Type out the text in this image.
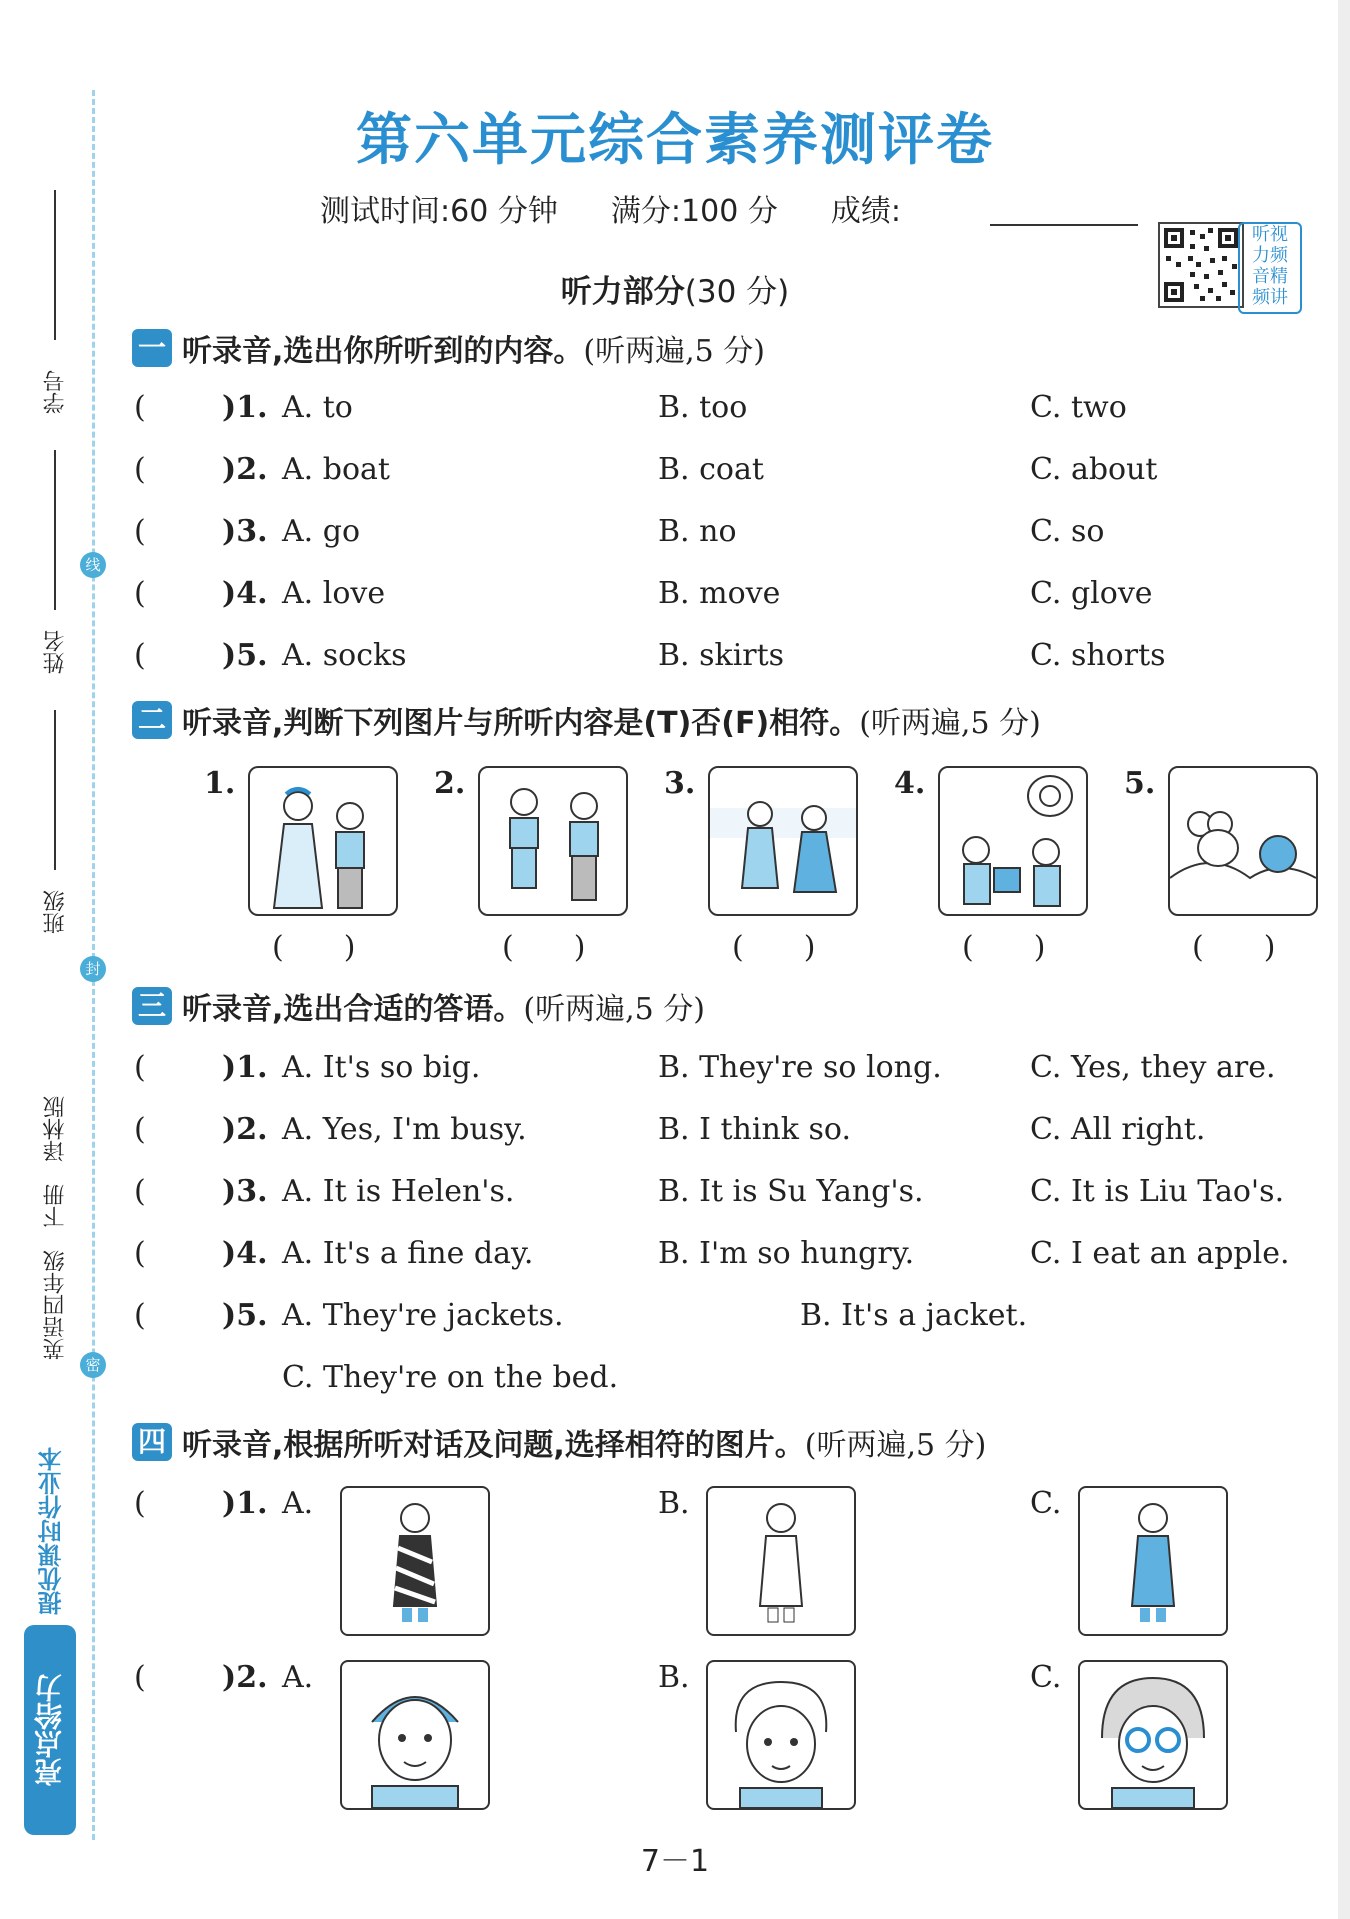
学号
姓名
班级
英语四年级　下册　译林版
线
封
密
亮点给力
提优课时作业本
第六单元综合素养测评卷
测试时间:60 分钟 满分:100 分 成绩:
听视
力频
音精
频讲
听力部分(30 分)
一 听录音,选出你所听到的内容。 (听两遍,5 分)
(	)1. A. to	B. too	C. two
(	)2. A. boat	B. coat	C. about
(	)3. A. go	B. no	C. so
(	)4. A. love	B. move	C. glove
(	)5. A. socks	B. skirts	C. shorts
二 听录音,判断下列图片与所听内容是(T)否(F)相符。 (听两遍,5 分)
1.
(　　)
2.
(　　)
3.
(　　)
4.
(　　)
5.
(　　)
三 听录音,选出合适的答语。 (听两遍,5 分)
(	)1. A. It's so big.	B. They're so long.	C. Yes, they are.
(	)2. A. Yes, I'm busy.	B. I think so.	C. All right.
(	)3. A. It is Helen's.	B. It is Su Yang's.	C. It is Liu Tao's.
(	)4. A. It's a fine day.	B. I'm so hungry.	C. I eat an apple.
(	)5. A. They're jackets.	B. It's a jacket.
C. They're on the bed.
四 听录音,根据所听对话及问题,选择相符的图片。 (听两遍,5 分)
(	)1. A.	B.	C.
(	)2. A.	B.	C.
7－1
